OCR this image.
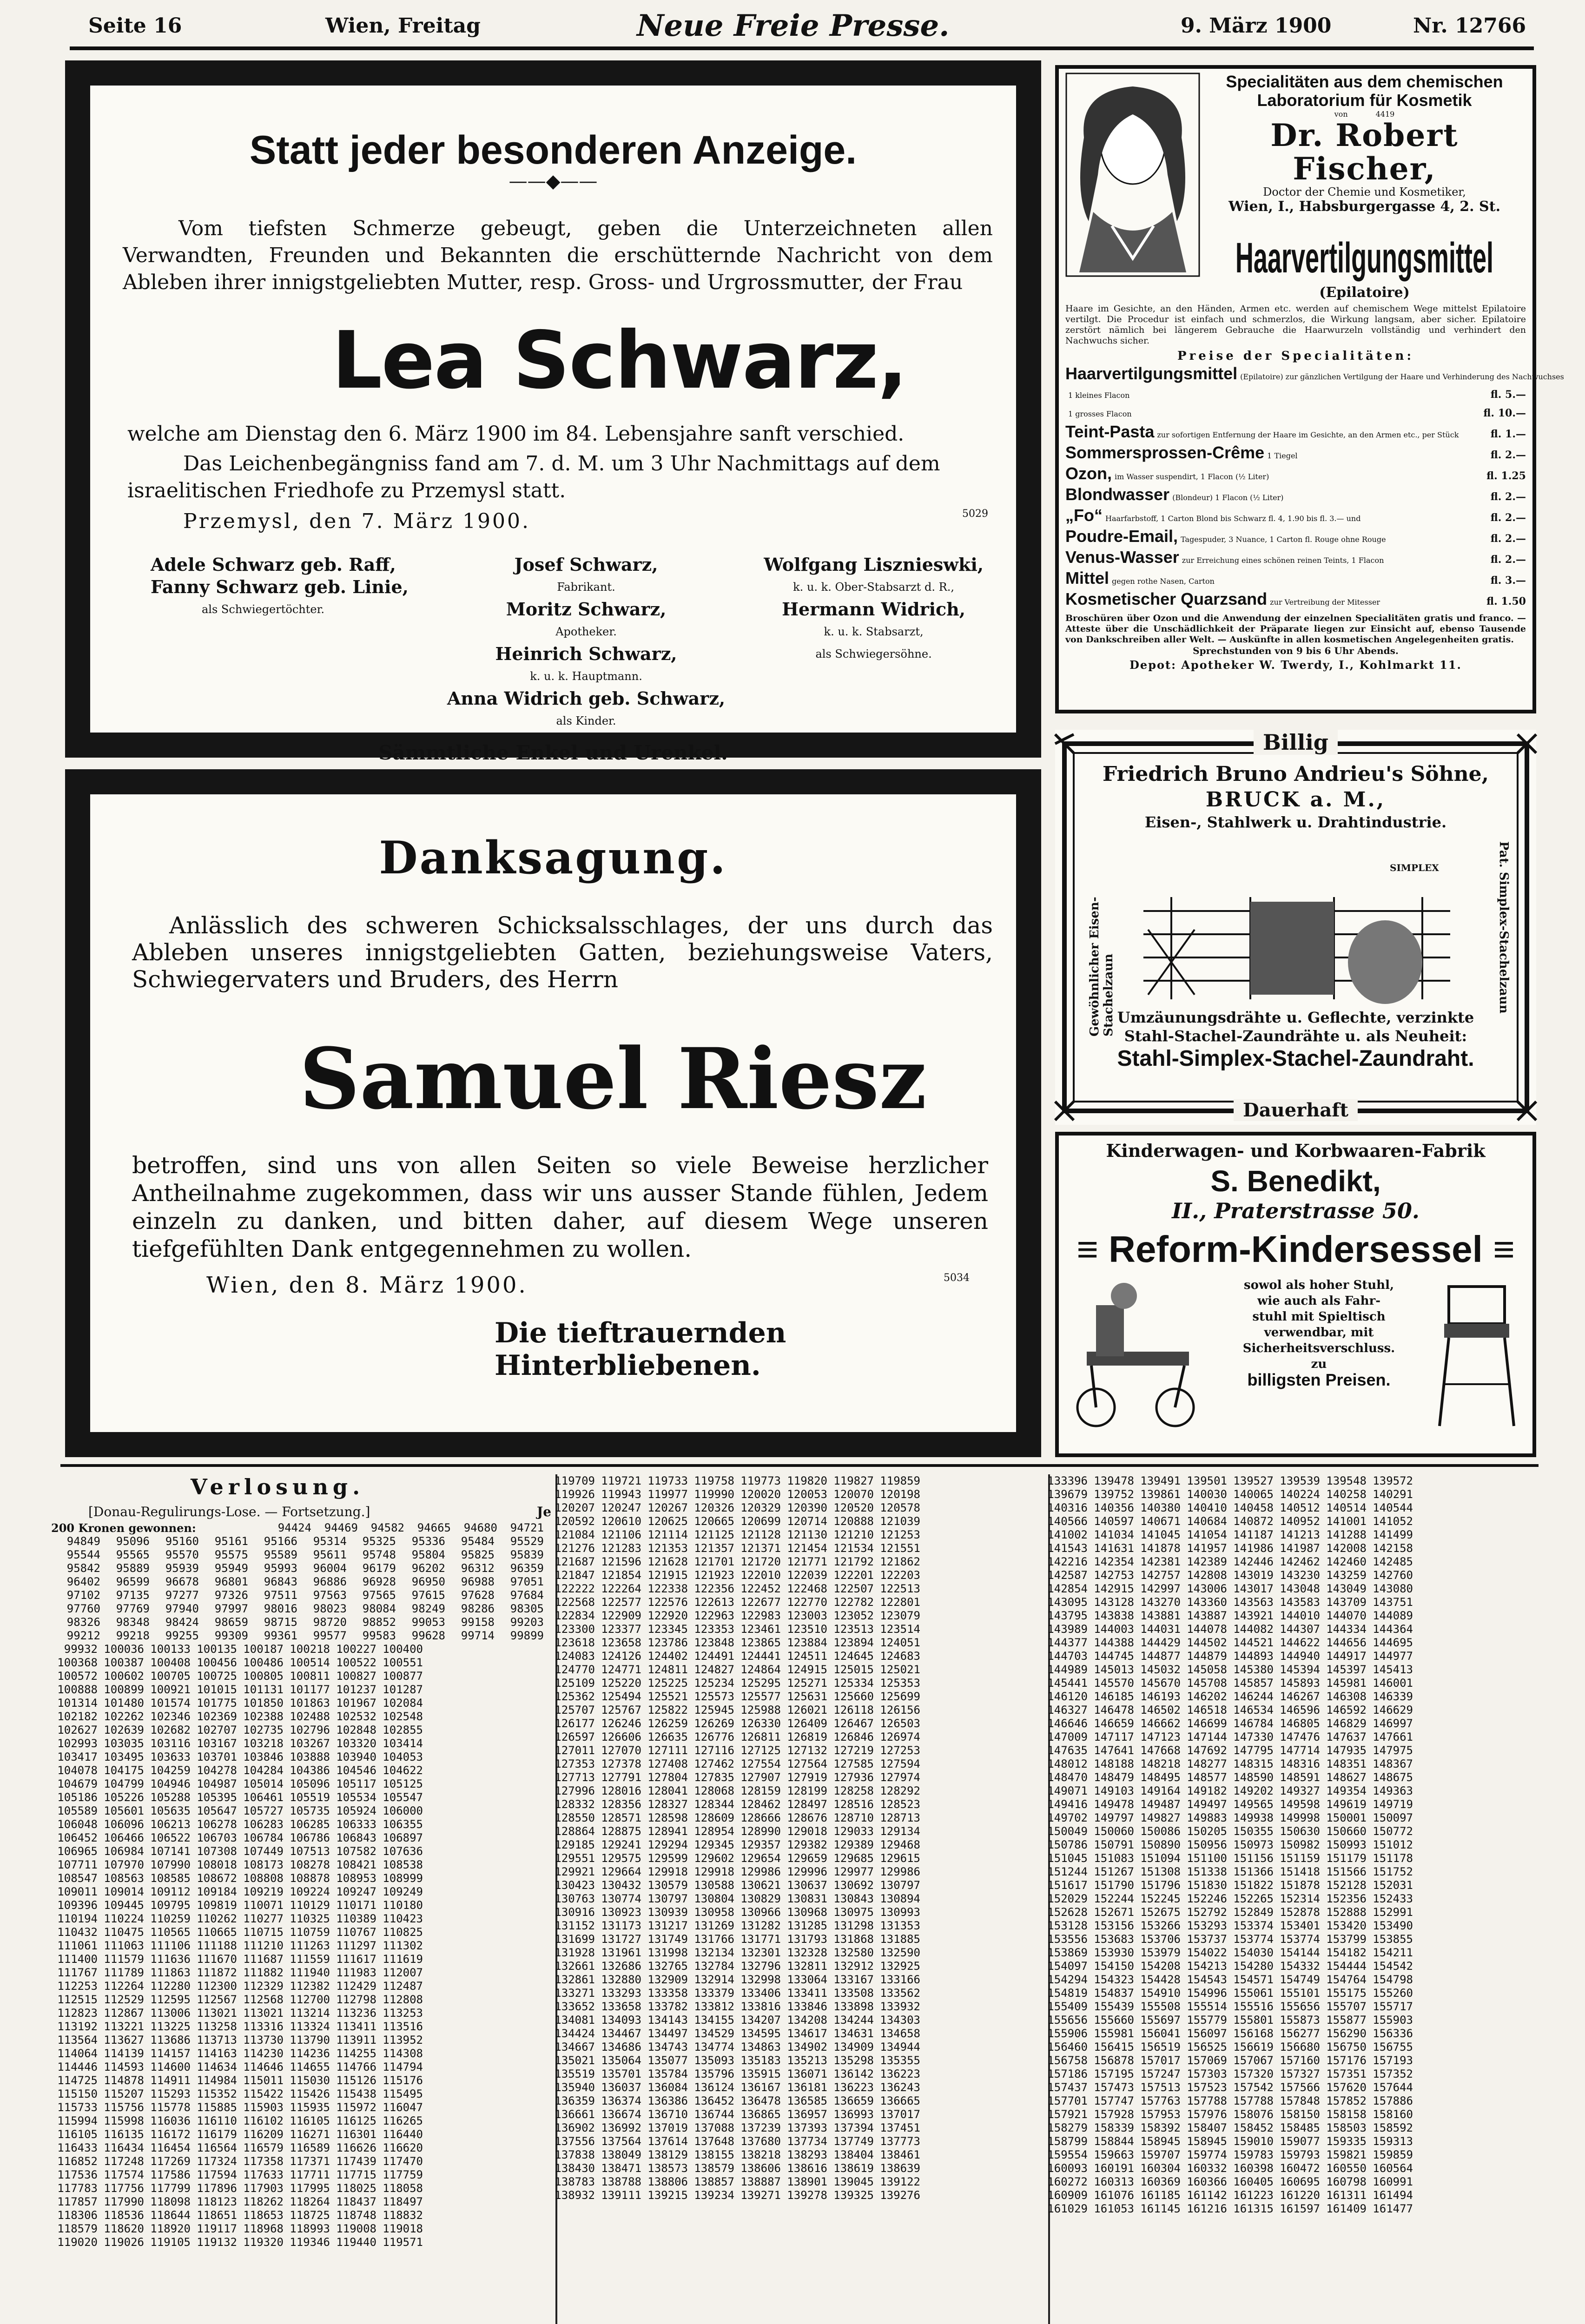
Seite 16	Wien, Freitag	Neue Freie Presse.	9. März 1900	Nr. 12766
Statt jeder besonderen Anzeige.
——◆——

Vom tiefsten Schmerze gebeugt, geben die Unterzeichneten allen Verwandten, Freunden und Bekannten die erschütternde Nachricht von dem Ableben ihrer innigstgeliebten Mutter, resp. Gross- und Urgrossmutter, der Frau

Lea Schwarz,

welche am Dienstag den 6. März 1900 im 84. Lebensjahre sanft verschied.

Das Leichenbegängniss fand am 7. d. M. um 3 Uhr Nachmittags auf dem israelitischen Friedhofe zu Przemysl statt.

Przemysl, den 7. März 1900.	5029
Adele Schwarz geb. Raff,
Fanny Schwarz geb. Linie,
als Schwiegertöchter.
Josef Schwarz,
Fabrikant.
Moritz Schwarz,
Apotheker.
Heinrich Schwarz,
k. u. k. Hauptmann.
Anna Widrich geb. Schwarz,
als Kinder.
Wolfgang Lisznieswki,
k. u. k. Ober-Stabsarzt d. R.,
Hermann Widrich,
k. u. k. Stabsarzt,
als Schwiegersöhne.
Sämmtliche Enkel und Urenkel.
Danksagung.

Anlässlich des schweren Schicksalsschlages, der uns durch das Ableben unseres innigstgeliebten Gatten, beziehungsweise Vaters, Schwiegervaters und Bruders, des Herrn

Samuel Riesz

betroffen, sind uns von allen Seiten so viele Beweise herzlicher Antheilnahme zugekommen, dass wir uns ausser Stande fühlen, Jedem einzeln zu danken, und bitten daher, auf diesem Wege unseren tiefgefühlten Dank entgegennehmen zu wollen.

Wien, den 8. März 1900.	5034
Die tieftrauernden Hinterbliebenen.
Specialitäten aus dem chemischen
Laboratorium für Kosmetik
von	4419
Dr. Robert Fischer,
Doctor der Chemie und Kosmetiker,
Wien, I., Habsburgergasse 4, 2. St.
Haarvertilgungsmittel
(Epilatoire)

Haare im Gesichte, an den Händen, Armen etc. werden auf chemischem Wege mittelst Epilatoire vertilgt. Die Procedur ist einfach und schmerzlos, die Wirkung langsam, aber sicher. Epilatoire zerstört nämlich bei längerem Gebrauche die Haarwurzeln vollständig und verhindert den Nachwuchs sicher.

Preise der Specialitäten:
Haarvertilgungsmittel (Epilatoire) zur gänzlichen Vertilgung der Haare und Verhinderung des Nachwuchses
1 kleines Flacon	fl. 5.—
1 grosses Flacon	fl. 10.—
Teint-Pasta zur sofortigen Entfernung der Haare im Gesichte, an den Armen etc., per Stück	fl. 1.—
Sommersprossen-Crême 1 Tiegel	fl. 2.—
Ozon, im Wasser suspendirt, 1 Flacon (½ Liter)	fl. 1.25
Blondwasser (Blondeur) 1 Flacon (½ Liter)	fl. 2.—
„Fo“ Haarfarbstoff, 1 Carton Blond bis Schwarz fl. 4, 1.90 bis fl. 3.— und	fl. 2.—
Poudre-Email, Tagespuder, 3 Nuance, 1 Carton fl. Rouge ohne Rouge	fl. 2.—
Venus-Wasser zur Erreichung eines schönen reinen Teints, 1 Flacon	fl. 2.—
Mittel gegen rothe Nasen, Carton	fl. 3.—
Kosmetischer Quarzsand zur Vertreibung der Mitesser	fl. 1.50

Broschüren über Ozon und die Anwendung der einzelnen Specialitäten gratis und franco. — Atteste über die Unschädlichkeit der Präparate liegen zur Einsicht auf, ebenso Tausende von Dankschreiben aller Welt. — Auskünfte in allen kosmetischen Angelegenheiten gratis.

Sprechstunden von 9 bis 6 Uhr Abends.
Depot: Apotheker W. Twerdy, I., Kohlmarkt 11.
Billig
Friedrich Bruno Andrieu's Söhne,
BRUCK a. M.,
Eisen-, Stahlwerk u. Drahtindustrie.
Gewöhnlicher Eisen-Stachelzaun	Pat. Simplex-Stachelzaun
SIMPLEX
Umzäunungsdrähte u. Geflechte, verzinkte
Stahl-Stachel-Zaundrähte u. als Neuheit:
Stahl-Simplex-Stachel-Zaundraht.
Dauerhaft
Kinderwagen- und Korbwaaren-Fabrik
S. Benedikt,
II., Praterstrasse 50.
≡ Reform-Kindersessel ≡
sowol als hoher Stuhl,
wie auch als Fahr-
stuhl mit Spieltisch
verwendbar, mit
Sicherheitsverschluss.
zu
billigsten Preisen.
Verlosung.
[Donau-Regulirungs-Lose. — Fortsetzung.]	Je
200 Kronen gewonnen:	94424	94469	94582	94665	94680	94721
94849	95096	95160	95161	95166	95314	95325	95336	95484	95529
95544	95565	95570	95575	95589	95611	95748	95804	95825	95839
95842	95889	95939	95949	95993	96004	96179	96202	96312	96359
96402	96599	96678	96801	96843	96886	96928	96950	96988	97051
97102	97135	97277	97326	97511	97563	97565	97615	97628	97684
97760	97769	97940	97997	98016	98023	98084	98249	98286	98305
98326	98348	98424	98659	98715	98720	98852	99053	99158	99203
99212	99218	99255	99309	99361	99577	99583	99628	99714	99899
99932 100036 100133 100135 100187 100218 100227 100400
100368 100387 100408 100456 100486 100514 100522 100551
100572 100602 100705 100725 100805 100811 100827 100877
100888 100899 100921 101015 101131 101177 101237 101287
101314 101480 101574 101775 101850 101863 101967 102084
102182 102262 102346 102369 102388 102488 102532 102548
102627 102639 102682 102707 102735 102796 102848 102855
102993 103035 103116 103167 103218 103267 103320 103414
103417 103495 103633 103701 103846 103888 103940 104053
104078 104175 104259 104278 104284 104386 104546 104622
104679 104799 104946 104987 105014 105096 105117 105125
105186 105226 105288 105395 106461 105519 105534 105547
105589 105601 105635 105647 105727 105735 105924 106000
106048 106096 106213 106278 106283 106285 106333 106355
106452 106466 106522 106703 106784 106786 106843 106897
106965 106984 107141 107308 107449 107513 107582 107636
107711 107970 107990 108018 108173 108278 108421 108538
108547 108563 108585 108672 108808 108878 108953 108999
109011 109014 109112 109184 109219 109224 109247 109249
109396 109445 109795 109819 110071 110129 110171 110180
110194 110224 110259 110262 110277 110325 110389 110423
110432 110475 110565 110665 110715 110759 110767 110825
111061 111063 111106 111188 111210 111263 111297 111302
111400 111579 111636 111670 111687 111559 111617 111619
111767 111789 111863 111872 111882 111940 111983 112007
112253 112264 112280 112300 112329 112382 112429 112487
112515 112529 112595 112567 112568 112700 112798 112808
112823 112867 113006 113021 113021 113214 113236 113253
113192 113221 113225 113258 113316 113324 113411 113516
113564 113627 113686 113713 113730 113790 113911 113952
114064 114139 114157 114163 114230 114236 114255 114308
114446 114593 114600 114634 114646 114655 114766 114794
114725 114878 114911 114984 115011 115030 115126 115176
115150 115207 115293 115352 115422 115426 115438 115495
115733 115756 115778 115885 115903 115935 115972 116047
115994 115998 116036 116110 116102 116105 116125 116265
116105 116135 116172 116179 116209 116271 116301 116440
116433 116434 116454 116564 116579 116589 116626 116620
116852 117248 117269 117324 117358 117371 117439 117470
117536 117574 117586 117594 117633 117711 117715 117759
117783 117756 117799 117896 117903 117995 118025 118058
117857 117990 118098 118123 118262 118264 118437 118497
118306 118536 118644 118651 118653 118725 118748 118832
118579 118620 118920 119117 118968 118993 119008 119018
119020 119026 119105 119132 119320 119346 119440 119571
119709 119721 119733 119758 119773 119820 119827 119859
119926 119943 119977 119990 120020 120053 120070 120198
120207 120247 120267 120326 120329 120390 120520 120578
120592 120610 120625 120665 120699 120714 120888 121039
121084 121106 121114 121125 121128 121130 121210 121253
121276 121283 121353 121357 121371 121454 121534 121551
121687 121596 121628 121701 121720 121771 121792 121862
121847 121854 121915 121923 122010 122039 122201 122203
122222 122264 122338 122356 122452 122468 122507 122513
122568 122577 122576 122613 122677 122770 122782 122801
122834 122909 122920 122963 122983 123003 123052 123079
123300 123377 123345 123353 123461 123510 123513 123514
123618 123658 123786 123848 123865 123884 123894 124051
124083 124126 124402 124491 124441 124511 124645 124683
124770 124771 124811 124827 124864 124915 125015 125021
125109 125220 125225 125234 125295 125271 125334 125353
125362 125494 125521 125573 125577 125631 125660 125699
125707 125767 125822 125945 125988 126021 126118 126156
126177 126246 126259 126269 126330 126409 126467 126503
126597 126606 126635 126776 126811 126819 126846 126974
127011 127070 127111 127116 127125 127132 127219 127253
127353 127378 127408 127462 127554 127564 127585 127594
127713 127791 127804 127835 127907 127919 127936 127974
127996 128016 128041 128068 128159 128199 128258 128292
128332 128356 128327 128344 128462 128497 128516 128523
128550 128571 128598 128609 128666 128676 128710 128713
128864 128875 128941 128954 128990 129018 129033 129134
129185 129241 129294 129345 129357 129382 129389 129468
129551 129575 129599 129602 129654 129659 129685 129615
129921 129664 129918 129918 129986 129996 129977 129986
130423 130432 130579 130588 130621 130637 130692 130797
130763 130774 130797 130804 130829 130831 130843 130894
130916 130923 130939 130958 130966 130968 130975 130993
131152 131173 131217 131269 131282 131285 131298 131353
131699 131727 131749 131766 131771 131793 131868 131885
131928 131961 131998 132134 132301 132328 132580 132590
132661 132686 132765 132784 132796 132811 132912 132925
132861 132880 132909 132914 132998 133064 133167 133166
133271 133293 133358 133379 133406 133411 133508 133562
133652 133658 133782 133812 133816 133846 133898 133932
134081 134093 134143 134155 134207 134208 134244 134303
134424 134467 134497 134529 134595 134617 134631 134658
134667 134686 134743 134774 134863 134902 134909 134944
135021 135064 135077 135093 135183 135213 135298 135355
135519 135701 135784 135796 135915 136071 136142 136223
135940 136037 136084 136124 136167 136181 136223 136243
136359 136374 136386 136452 136478 136585 136659 136665
136661 136674 136710 136744 136865 136957 136993 137017
136902 136992 137019 137088 137239 137393 137394 137451
137556 137564 137614 137648 137680 137734 137749 137773
137838 138049 138129 138155 138218 138293 138404 138461
138430 138471 138573 138579 138606 138616 138619 138639
138783 138788 138806 138857 138887 138901 139045 139122
138932 139111 139215 139234 139271 139278 139325 139276
133396 139478 139491 139501 139527 139539 139548 139572
139679 139752 139861 140030 140065 140224 140258 140291
140316 140356 140380 140410 140458 140512 140514 140544
140566 140597 140671 140684 140872 140952 141001 141052
141002 141034 141045 141054 141187 141213 141288 141499
141543 141631 141878 141957 141986 141987 142008 142158
142216 142354 142381 142389 142446 142462 142460 142485
142587 142753 142757 142808 143019 143230 143259 142760
142854 142915 142997 143006 143017 143048 143049 143080
143095 143128 143270 143360 143563 143583 143709 143751
143795 143838 143881 143887 143921 144010 144070 144089
143989 144003 144031 144078 144082 144307 144334 144364
144377 144388 144429 144502 144521 144622 144656 144695
144703 144745 144877 144879 144893 144940 144917 144977
144989 145013 145032 145058 145380 145394 145397 145413
145441 145570 145670 145708 145857 145893 145981 146001
146120 146185 146193 146202 146244 146267 146308 146339
146327 146478 146502 146518 146534 146596 146592 146629
146646 146659 146662 146699 146784 146805 146829 146997
147009 147117 147123 147144 147330 147476 147637 147661
147635 147641 147668 147692 147795 147714 147935 147975
148012 148188 148218 148277 148315 148316 148351 148367
148470 148479 148495 148577 148590 148591 148627 148675
149071 149103 149164 149182 149202 149327 149354 149363
149416 149478 149487 149497 149565 149598 149619 149719
149702 149797 149827 149883 149938 149998 150001 150097
150049 150060 150086 150205 150355 150630 150660 150772
150786 150791 150890 150956 150973 150982 150993 151012
151045 151083 151094 151100 151156 151159 151179 151178
151244 151267 151308 151338 151366 151418 151566 151752
151617 151790 151796 151830 151822 151878 152128 152031
152029 152244 152245 152246 152265 152314 152356 152433
152628 152671 152675 152792 152849 152878 152888 152991
153128 153156 153266 153293 153374 153401 153420 153490
153556 153683 153706 153737 153774 153774 153799 153855
153869 153930 153979 154022 154030 154144 154182 154211
154097 154150 154208 154213 154280 154332 154444 154542
154294 154323 154428 154543 154571 154749 154764 154798
154819 154837 154910 154996 155061 155101 155175 155260
155409 155439 155508 155514 155516 155656 155707 155717
155656 155660 155697 155779 155801 155873 155877 155903
155906 155981 156041 156097 156168 156277 156290 156336
156460 156415 156519 156525 156619 156680 156750 156755
156758 156878 157017 157069 157067 157160 157176 157193
157186 157195 157247 157303 157320 157327 157351 157352
157437 157473 157513 157523 157542 157566 157620 157644
157701 157747 157763 157788 157788 157848 157852 157886
157921 157928 157953 157976 158076 158150 158158 158160
158279 158339 158392 158407 158452 158485 158503 158592
158799 158844 158945 158945 159010 159077 159335 159313
159554 159663 159707 159774 159783 159793 159821 159859
160093 160191 160304 160332 160398 160472 160550 160564
160272 160313 160369 160366 160405 160695 160798 160991
160909 161076 161185 161142 161223 161220 161311 161494
161029 161053 161145 161216 161315 161597 161409 161477
